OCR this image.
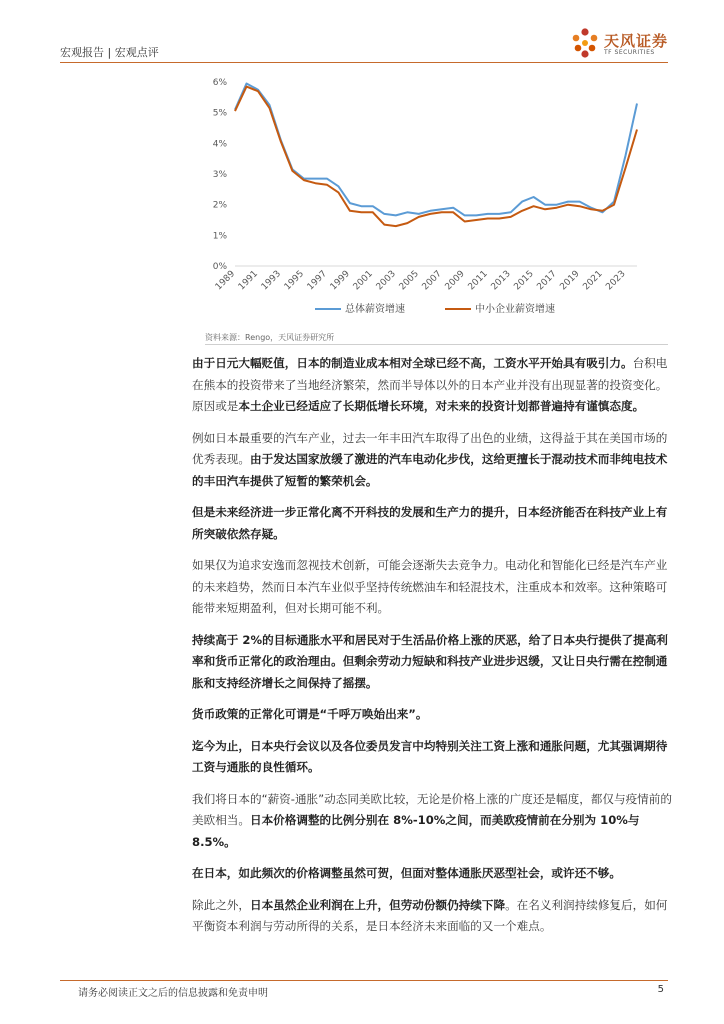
宏观报告 | 宏观点评
天风证券
TF SECURITIES
0%
1%
2%
3%
4%
5%
6%
1989 1991 1993 1995 1997 1999 2001 2003 2005 2007 2009 2011 2013 2015 2017 2019 2021 2023
总体薪资增速	中小企业薪资增速
资料来源：Rengo，天风证券研究所

由于日元大幅贬值，日本的制造业成本相对全球已经不高，工资水平开始具有吸引力。台积电在熊本的投资带来了当地经济繁荣，然而半导体以外的日本产业并没有出现显著的投资变化。原因或是本土企业已经适应了长期低增长环境，对未来的投资计划都普遍持有谨慎态度。

例如日本最重要的汽车产业，过去一年丰田汽车取得了出色的业绩，这得益于其在美国市场的优秀表现。由于发达国家放缓了激进的汽车电动化步伐，这给更擅长于混动技术而非纯电技术的丰田汽车提供了短暂的繁荣机会。

但是未来经济进一步正常化离不开科技的发展和生产力的提升，日本经济能否在科技产业上有所突破依然存疑。

如果仅为追求安逸而忽视技术创新，可能会逐渐失去竞争力。电动化和智能化已经是汽车产业的未来趋势，然而日本汽车业似乎坚持传统燃油车和轻混技术，注重成本和效率。这种策略可能带来短期盈利，但对长期可能不利。

持续高于 2%的目标通胀水平和居民对于生活品价格上涨的厌恶，给了日本央行提供了提高利率和货币正常化的政治理由。但剩余劳动力短缺和科技产业进步迟缓，又让日央行需在控制通胀和支持经济增长之间保持了摇摆。

货币政策的正常化可谓是“千呼万唤始出来”。

迄今为止，日本央行会议以及各位委员发言中均特别关注工资上涨和通胀问题，尤其强调期待工资与通胀的良性循环。

我们将日本的“薪资-通胀”动态同美欧比较，无论是价格上涨的广度还是幅度，都仅与疫情前的美欧相当。日本价格调整的比例分别在 8%-10%之间，而美欧疫情前在分别为 10%与 8.5%。

在日本，如此频次的价格调整虽然可贺，但面对整体通胀厌恶型社会，或许还不够。

除此之外，日本虽然企业利润在上升，但劳动份额仍持续下降。在名义利润持续修复后，如何平衡资本利润与劳动所得的关系，是日本经济未来面临的又一个难点。

请务必阅读正文之后的信息披露和免责申明	5
